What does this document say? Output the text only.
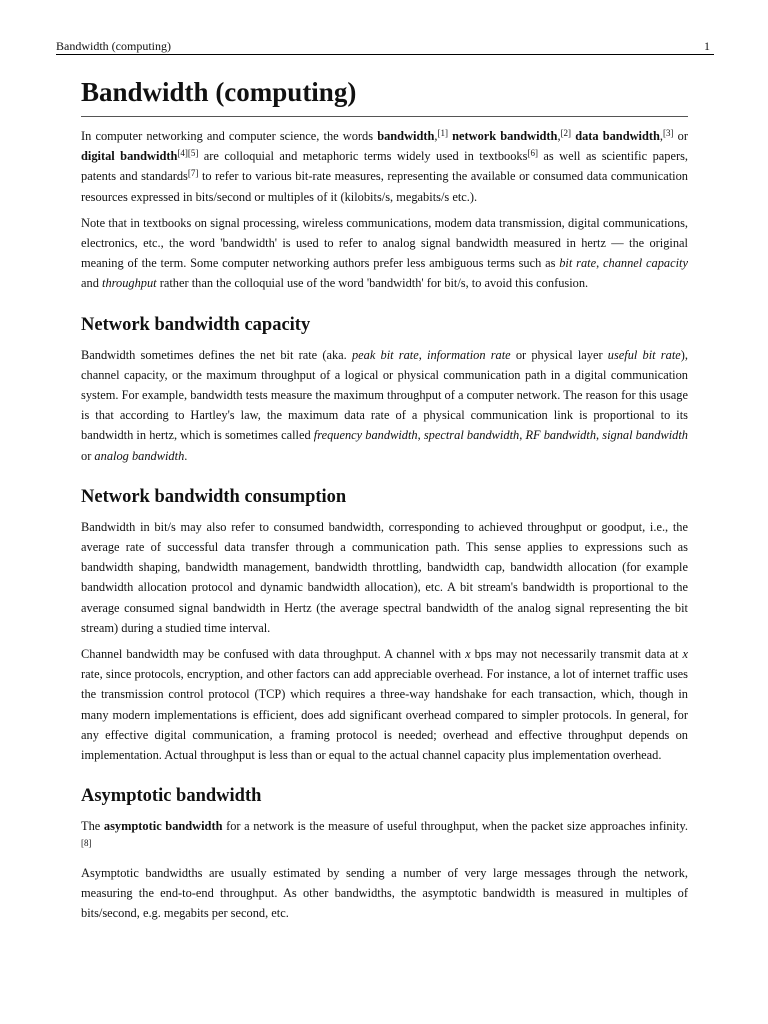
Bandwidth (computing)	1
Bandwidth (computing)

In computer networking and computer science, the words bandwidth,[1] network bandwidth,[2] data bandwidth,[3] or digital bandwidth[4][5] are colloquial and metaphoric terms widely used in textbooks[6] as well as scientific papers, patents and standards[7] to refer to various bit-rate measures, representing the available or consumed data communication resources expressed in bits/second or multiples of it (kilobits/s, megabits/s etc.).

Note that in textbooks on signal processing, wireless communications, modem data transmission, digital communications, electronics, etc., the word 'bandwidth' is used to refer to analog signal bandwidth measured in hertz — the original meaning of the term. Some computer networking authors prefer less ambiguous terms such as bit rate, channel capacity and throughput rather than the colloquial use of the word 'bandwidth' for bit/s, to avoid this confusion.

Network bandwidth capacity

Bandwidth sometimes defines the net bit rate (aka. peak bit rate, information rate or physical layer useful bit rate), channel capacity, or the maximum throughput of a logical or physical communication path in a digital communication system. For example, bandwidth tests measure the maximum throughput of a computer network. The reason for this usage is that according to Hartley's law, the maximum data rate of a physical communication link is proportional to its bandwidth in hertz, which is sometimes called frequency bandwidth, spectral bandwidth, RF bandwidth, signal bandwidth or analog bandwidth.

Network bandwidth consumption

Bandwidth in bit/s may also refer to consumed bandwidth, corresponding to achieved throughput or goodput, i.e., the average rate of successful data transfer through a communication path. This sense applies to expressions such as bandwidth shaping, bandwidth management, bandwidth throttling, bandwidth cap, bandwidth allocation (for example bandwidth allocation protocol and dynamic bandwidth allocation), etc. A bit stream's bandwidth is proportional to the average consumed signal bandwidth in Hertz (the average spectral bandwidth of the analog signal representing the bit stream) during a studied time interval.

Channel bandwidth may be confused with data throughput. A channel with x bps may not necessarily transmit data at x rate, since protocols, encryption, and other factors can add appreciable overhead. For instance, a lot of internet traffic uses the transmission control protocol (TCP) which requires a three-way handshake for each transaction, which, though in many modern implementations is efficient, does add significant overhead compared to simpler protocols. In general, for any effective digital communication, a framing protocol is needed; overhead and effective throughput depends on implementation. Actual throughput is less than or equal to the actual channel capacity plus implementation overhead.

Asymptotic bandwidth

The asymptotic bandwidth for a network is the measure of useful throughput, when the packet size approaches infinity.[8]

Asymptotic bandwidths are usually estimated by sending a number of very large messages through the network, measuring the end-to-end throughput. As other bandwidths, the asymptotic bandwidth is measured in multiples of bits/second, e.g. megabits per second, etc.
